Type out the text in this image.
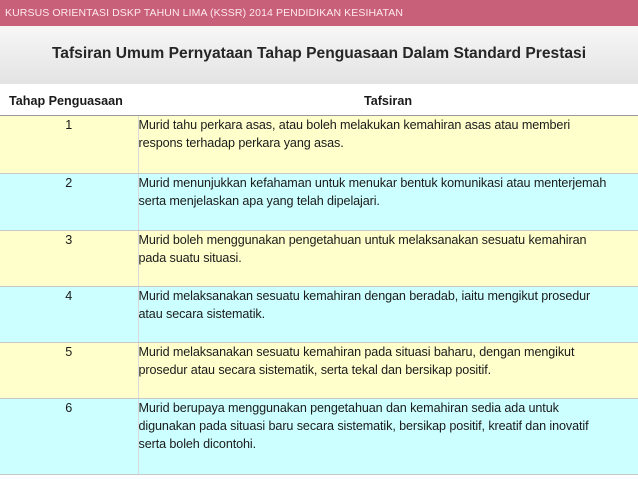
KURSUS ORIENTASI DSKP TAHUN LIMA (KSSR) 2014 PENDIDIKAN KESIHATAN
Tafsiran Umum Pernyataan Tahap Penguasaan Dalam Standard Prestasi
Tahap Penguasaan	Tafsiran
1	Murid tahu perkara asas, atau boleh melakukan kemahiran asas atau memberi
respons terhadap perkara yang asas.

2	Murid menunjukkan kefahaman untuk menukar bentuk komunikasi atau menterjemah
serta menjelaskan apa yang telah dipelajari.

3	Murid boleh menggunakan pengetahuan untuk melaksanakan sesuatu kemahiran
pada suatu situasi.

4	Murid melaksanakan sesuatu kemahiran dengan beradab, iaitu mengikut prosedur
atau secara sistematik.

5	Murid melaksanakan sesuatu kemahiran pada situasi baharu, dengan mengikut
prosedur atau secara sistematik, serta tekal dan bersikap positif.

6	Murid berupaya menggunakan pengetahuan dan kemahiran sedia ada untuk
digunakan pada situasi baru secara sistematik, bersikap positif, kreatif dan inovatif
serta boleh dicontohi.
